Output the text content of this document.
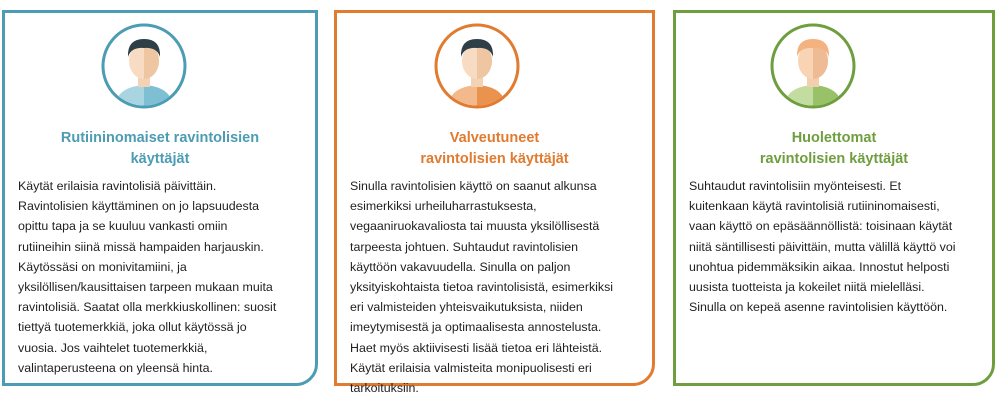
Rutiininomaiset ravintolisien
käyttäjät
Käytät erilaisia ravintolisiä päivittäin.
Ravintolisien käyttäminen on jo lapsuudesta
opittu tapa ja se kuuluu vankasti omiin
rutiineihin siinä missä hampaiden harjauskin.
Käytössäsi on monivitamiini, ja
yksilöllisen/kausittaisen tarpeen mukaan muita
ravintolisiä. Saatat olla merkkiuskollinen: suosit
tiettyä tuotemerkkiä, joka ollut käytössä jo
vuosia. Jos vaihtelet tuotemerkkiä,
valintaperusteena on yleensä hinta.
Valveutuneet
ravintolisien käyttäjät
Sinulla ravintolisien käyttö on saanut alkunsa
esimerkiksi urheiluharrastuksesta,
vegaaniruokavaliosta tai muusta yksilöllisestä
tarpeesta johtuen. Suhtaudut ravintolisien
käyttöön vakavuudella. Sinulla on paljon
yksityiskohtaista tietoa ravintolisistä, esimerkiksi
eri valmisteiden yhteisvaikutuksista, niiden
imeytymisestä ja optimaalisesta annostelusta.
Haet myös aktiivisesti lisää tietoa eri lähteistä.
Käytät erilaisia valmisteita monipuolisesti eri
tarkoituksiin.
Huolettomat
ravintolisien käyttäjät
Suhtaudut ravintolisiin myönteisesti. Et
kuitenkaan käytä ravintolisiä rutiininomaisesti,
vaan käyttö on epäsäännöllistä: toisinaan käytät
niitä säntillisesti päivittäin, mutta välillä käyttö voi
unohtua pidemmäksikin aikaa. Innostut helposti
uusista tuotteista ja kokeilet niitä mielelläsi.
Sinulla on kepeä asenne ravintolisien käyttöön.
